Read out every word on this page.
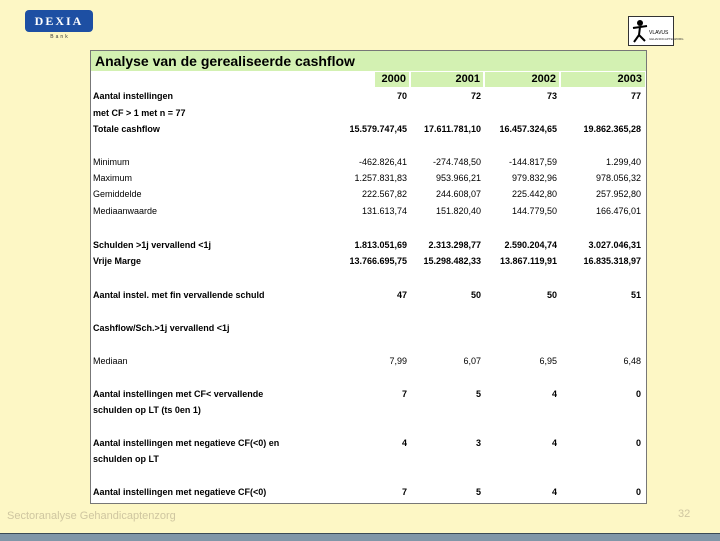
DEXIA
Bank
VLAVUS
GEHANDICAPTENZORG
Analyse van de gerealiseerde cashflow
2000	2001	2002	2003
Aantal instellingen	70	72	73	77
met CF > 1 met n = 77
Totale cashflow	15.579.747,45	17.611.781,10	16.457.324,65	19.862.365,28
Minimum	-462.826,41	-274.748,50	-144.817,59	1.299,40
Maximum	1.257.831,83	953.966,21	979.832,96	978.056,32
Gemiddelde	222.567,82	244.608,07	225.442,80	257.952,80
Mediaanwaarde	131.613,74	151.820,40	144.779,50	166.476,01
Schulden >1j vervallend <1j	1.813.051,69	2.313.298,77	2.590.204,74	3.027.046,31
Vrije Marge	13.766.695,75	15.298.482,33	13.867.119,91	16.835.318,97
Aantal instel. met fin vervallende schuld	47	50	50	51
Cashflow/Sch.>1j vervallend <1j
Mediaan	7,99	6,07	6,95	6,48
Aantal instellingen met CF< vervallende
schulden op LT (ts 0en 1)
7	5	4	0
Aantal instellingen met negatieve CF(<0) en
schulden op LT
4	3	4	0
Aantal instellingen met negatieve CF(<0)	7	5	4	0
Sectoranalyse Gehandicaptenzorg	32
